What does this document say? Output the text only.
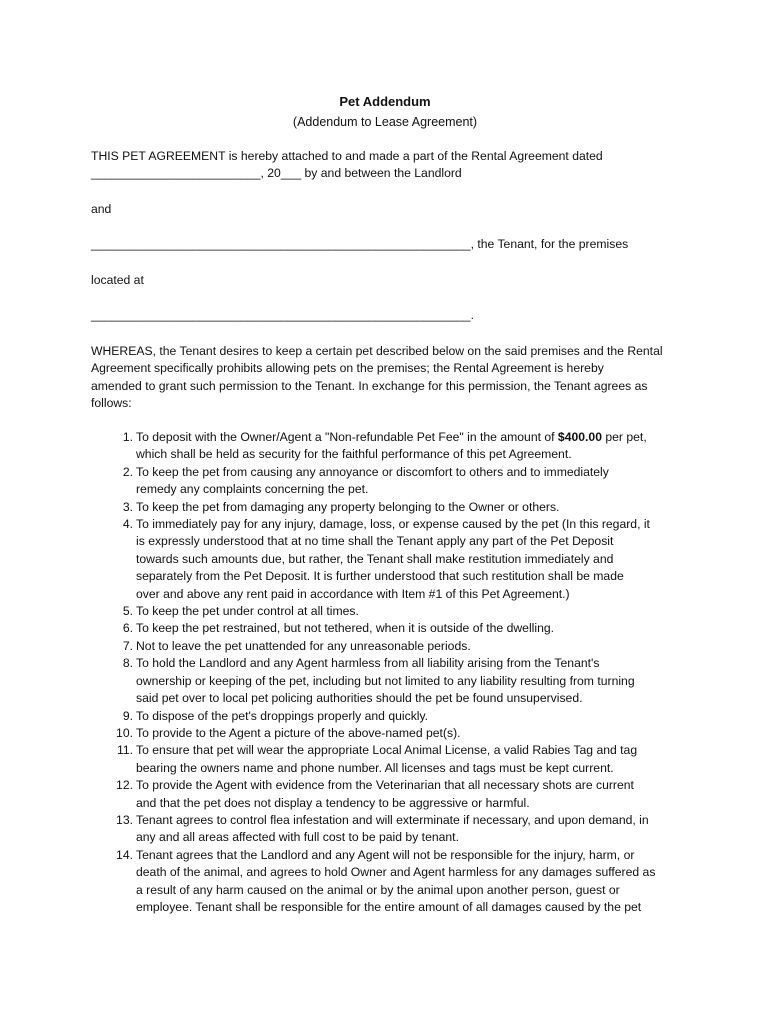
Pet Addendum
(Addendum to Lease Agreement)
THIS PET AGREEMENT is hereby attached to and made a part of the Rental Agreement dated
_________________________, 20___ by and between the Landlord
and
________________________________________________________, the Tenant, for the premises
located at
________________________________________________________.
WHEREAS, the Tenant desires to keep a certain pet described below on the said premises and the Rental
Agreement specifically prohibits allowing pets on the premises; the Rental Agreement is hereby
amended to grant such permission to the Tenant. In exchange for this permission, the Tenant agrees as
follows:
1. To deposit with the Owner/Agent a "Non-refundable Pet Fee" in the amount of $400.00 per pet,
which shall be held as security for the faithful performance of this pet Agreement.
2. To keep the pet from causing any annoyance or discomfort to others and to immediately
remedy any complaints concerning the pet.
3. To keep the pet from damaging any property belonging to the Owner or others.
4. To immediately pay for any injury, damage, loss, or expense caused by the pet (In this regard, it
is expressly understood that at no time shall the Tenant apply any part of the Pet Deposit
towards such amounts due, but rather, the Tenant shall make restitution immediately and
separately from the Pet Deposit. It is further understood that such restitution shall be made
over and above any rent paid in accordance with Item #1 of this Pet Agreement.)
5. To keep the pet under control at all times.
6. To keep the pet restrained, but not tethered, when it is outside of the dwelling.
7. Not to leave the pet unattended for any unreasonable periods.
8. To hold the Landlord and any Agent harmless from all liability arising from the Tenant's
ownership or keeping of the pet, including but not limited to any liability resulting from turning
said pet over to local pet policing authorities should the pet be found unsupervised.
9. To dispose of the pet's droppings properly and quickly.
10. To provide to the Agent a picture of the above-named pet(s).
11. To ensure that pet will wear the appropriate Local Animal License, a valid Rabies Tag and tag
bearing the owners name and phone number. All licenses and tags must be kept current.
12. To provide the Agent with evidence from the Veterinarian that all necessary shots are current
and that the pet does not display a tendency to be aggressive or harmful.
13. Tenant agrees to control flea infestation and will exterminate if necessary, and upon demand, in
any and all areas affected with full cost to be paid by tenant.
14. Tenant agrees that the Landlord and any Agent will not be responsible for the injury, harm, or
death of the animal, and agrees to hold Owner and Agent harmless for any damages suffered as
a result of any harm caused on the animal or by the animal upon another person, guest or
employee. Tenant shall be responsible for the entire amount of all damages caused by the pet
